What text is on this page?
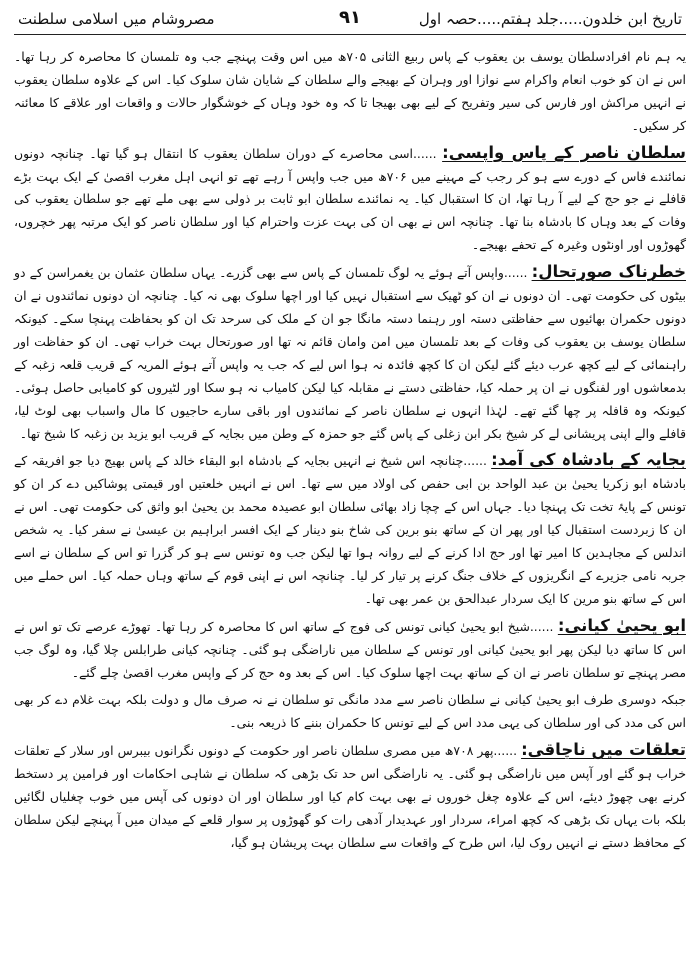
تاریخ ابن خلدون.....جلد ہفتم.....حصہ اول
٩١
مصروشام میں اسلامی سلطنت

یہ ہم نام افرادسلطان یوسف بن یعقوب کے پاس ربیع الثانی ۷۰۵ھ میں اس وقت پہنچے جب وہ تلمسان کا محاصرہ کر رہا تھا۔ اس نے ان کو خوب انعام واکرام سے نوازا اور وہران کے بھیجے والے سلطان کے شایان شان سلوک کیا۔ اس کے علاوہ سلطان یعقوب نے انہیں مراکش اور فارس کی سیر وتفریح کے لیے بھی بھیجا تا کہ وہ خود وہاں کے خوشگوار حالات و واقعات اور علاقے کا معائنہ کر سکیں۔

سلطان ناصر کے پاس واپسی: ......اسی محاصرے کے دوران سلطان یعقوب کا انتقال ہو گیا تھا۔ چنانچہ دونوں نمائندے فاس کے دورے سے ہو کر رجب کے مہینے میں ۷۰۶ھ میں جب واپس آ رہے تھے تو انہی اہل مغرب اقصیٰ کے ایک بہت بڑے قافلے نے جو حج کے لیے آ رہا تھا، ان کا استقبال کیا۔ یہ نمائندے سلطان ابو ثابت بر ذولی سے بھی ملے تھے جو سلطان یعقوب کی وفات کے بعد وہاں کا بادشاہ بنا تھا۔ چنانچہ اس نے بھی ان کی بہت عزت واحترام کیا اور سلطان ناصر کو ایک مرتبہ پھر خچروں، گھوڑوں اور اونٹوں وغیرہ کے تحفے بھیجے۔

خطرناک صورتحال: ......واپس آتے ہوئے یہ لوگ تلمسان کے پاس سے بھی گزرے۔ یہاں سلطان عثمان بن یغمراسن کے دو بیٹوں کی حکومت تھی۔ ان دونوں نے ان کو ٹھیک سے استقبال نہیں کیا اور اچھا سلوک بھی نہ کیا۔ چنانچہ ان دونوں نمائندوں نے ان دونوں حکمران بھائیوں سے حفاظتی دستہ اور رہنما دستہ مانگا جو ان کے ملک کی سرحد تک ان کو بحفاظت پہنچا سکے۔ کیونکہ سلطان یوسف بن یعقوب کی وفات کے بعد تلمسان میں امن وامان قائم نہ تھا اور صورتحال بہت خراب تھی۔ ان کو حفاظت اور راہنمائی کے لیے کچھ عرب دیئے گئے لیکن ان کا کچھ فائدہ نہ ہوا اس لیے کہ جب یہ واپس آتے ہوئے المریہ کے قریب قلعہ زغبہ کے بدمعاشوں اور لفنگوں نے ان پر حملہ کیا، حفاظتی دستے نے مقابلہ کیا لیکن کامیاب نہ ہو سکا اور لٹیروں کو کامیابی حاصل ہوئی۔ کیونکہ وہ قافلہ پر چھا گئے تھے۔ لہٰذا انہوں نے سلطان ناصر کے نمائندوں اور باقی سارے حاجیوں کا مال واسباب بھی لوٹ لیا، قافلے والے اپنی پریشانی لے کر شیخ بکر ابن زغلی کے پاس گئے جو حمزہ کے وطن میں بجایہ کے قریب ابو یزید بن زغبہ کا شیخ تھا۔

بجایہ کے بادشاہ کی آمد: ......چنانچہ اس شیخ نے انہیں بجایہ کے بادشاہ ابو البقاء خالد کے پاس بھیج دیا جو افریقہ کے بادشاہ ابو زکریا یحییٰ بن عبد الواحد بن ابی حفص کی اولاد میں سے تھا۔ اس نے انہیں خلعتیں اور قیمتی پوشاکیں دے کر ان کو تونس کے پایۂ تخت تک پہنچا دیا۔ جہاں اس کے چچا زاد بھائی سلطان ابو عصیدہ محمد بن یحییٰ ابو واثق کی حکومت تھی۔ اس نے ان کا زبردست استقبال کیا اور پھر ان کے ساتھ بنو برین کی شاخ بنو دینار کے ایک افسر ابراہیم بن عیسیٰ نے سفر کیا۔ یہ شخص اندلس کے مجاہدین کا امیر تھا اور حج ادا کرنے کے لیے روانہ ہوا تھا لیکن جب وہ تونس سے ہو کر گزرا تو اس کے سلطان نے اسے جربہ نامی جزیرے کے انگریزوں کے خلاف جنگ کرنے پر تیار کر لیا۔ چنانچہ اس نے اپنی قوم کے ساتھ وہاں حملہ کیا۔ اس حملے میں اس کے ساتھ بنو مرین کا ایک سردار عبدالحق بن عمر بھی تھا۔

ابو یحییٰ کیانی: ......شیخ ابو یحییٰ کیانی تونس کی فوج کے ساتھ اس کا محاصرہ کر رہا تھا۔ تھوڑے عرصے تک تو اس نے اس کا ساتھ دیا لیکن پھر ابو یحییٰ کیانی اور تونس کے سلطان میں ناراضگی ہو گئی۔ چنانچہ کیانی طرابلس چلا گیا، وہ لوگ جب مصر پہنچے تو سلطان ناصر نے ان کے ساتھ بہت اچھا سلوک کیا۔ اس کے بعد وہ حج کر کے واپس مغرب اقصیٰ چلے گئے۔

جبکہ دوسری طرف ابو یحییٰ کیانی نے سلطان ناصر سے مدد مانگی تو سلطان نے نہ صرف مال و دولت بلکہ بہت غلام دے کر بھی اس کی مدد کی اور سلطان کی یہی مدد اس کے لیے تونس کا حکمران بننے کا ذریعہ بنی۔

تعلقات میں ناچاقی: ......پھر ۷۰۸ھ میں مصری سلطان ناصر اور حکومت کے دونوں نگرانوں بیبرس اور سلار کے تعلقات خراب ہو گئے اور آپس میں ناراضگی ہو گئی۔ یہ ناراضگی اس حد تک بڑھی کہ سلطان نے شاہی احکامات اور فرامین پر دستخط کرنے بھی چھوڑ دیئے، اس کے علاوہ چغل خوروں نے بھی بہت کام کیا اور سلطان اور ان دونوں کی آپس میں خوب چغلیاں لگائیں بلکہ بات یہاں تک بڑھی کہ کچھ امراء، سردار اور عہدیدار آدھی رات کو گھوڑوں پر سوار قلعے کے میدان میں آ پہنچے لیکن سلطان کے محافظ دستے نے انہیں روک لیا، اس طرح کے واقعات سے سلطان بہت پریشان ہو گیا،
